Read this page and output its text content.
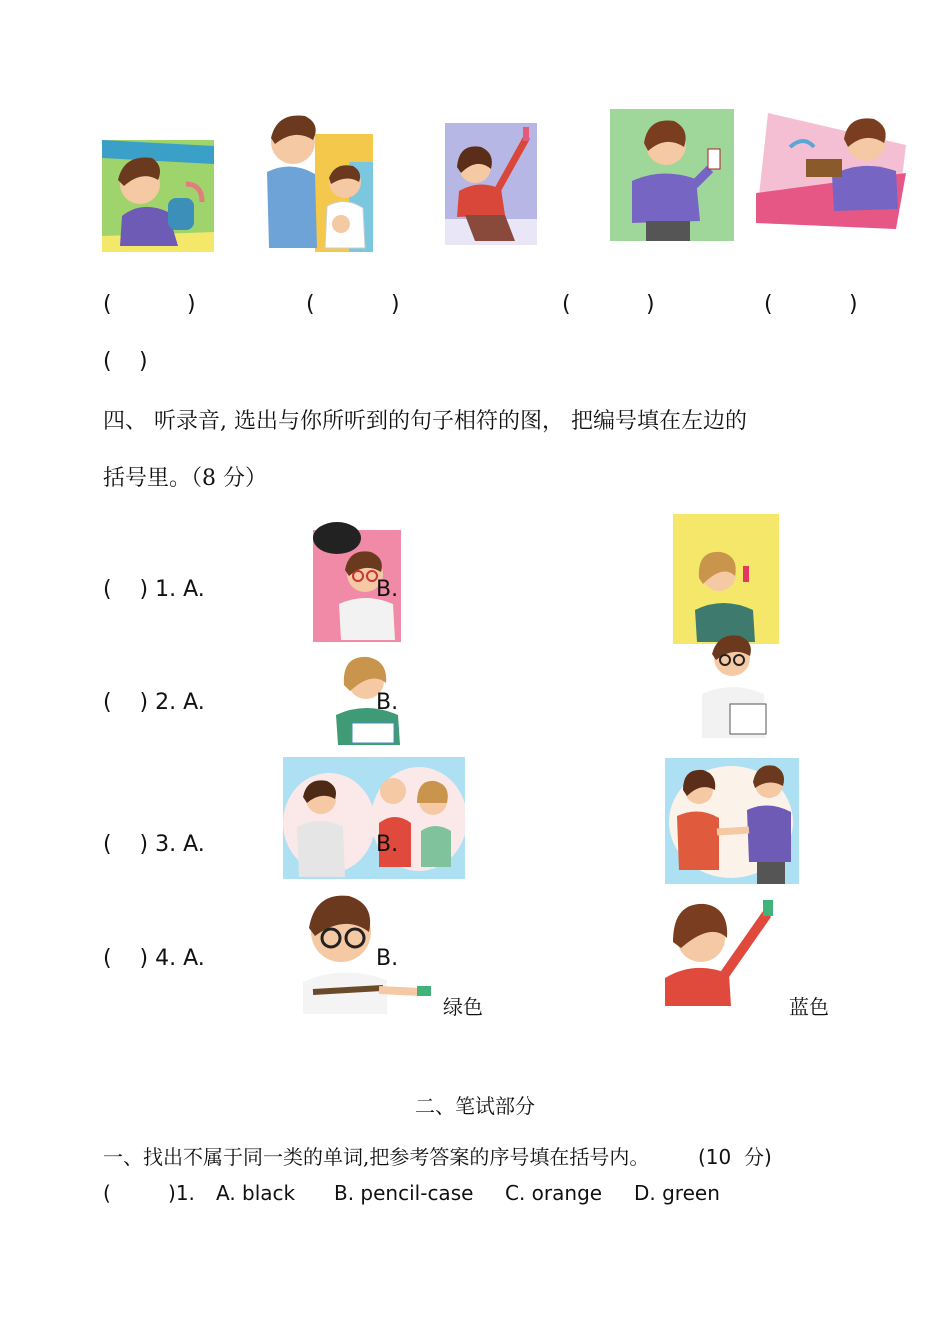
(	)	(	)	(	)	(	)
( )
四、 听录音, 选出与你所听到的句子相符的图， 把编号填在左边的
括号里。（8 分）
(    ) 1. A.	B.
(    ) 2. A.	B.
(    ) 3. A.	B.
(    ) 4. A.	B.
绿色	蓝色
二、笔试部分
一、找出不属于同一类的单词,把参考答案的序号填在括号内。 (10  分)
(         )1. A. black B. pencil-case C. orange D. green
